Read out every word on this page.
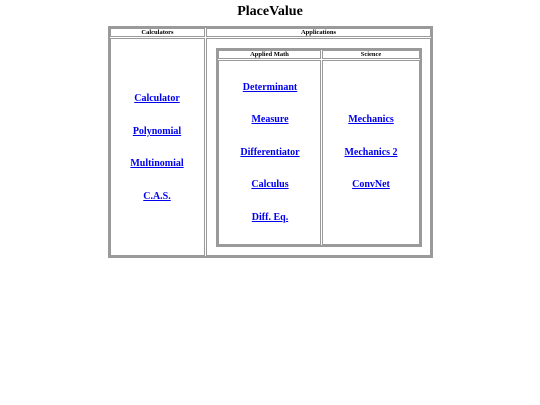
PlaceValue
Calculators
Calculator
Polynomial
Multinomial
C.A.S.
Applications
Applied Math	Science
Determinant
Measure
Differentiator
Calculus
Diff. Eq.
Mechanics
Mechanics 2
ConvNet
